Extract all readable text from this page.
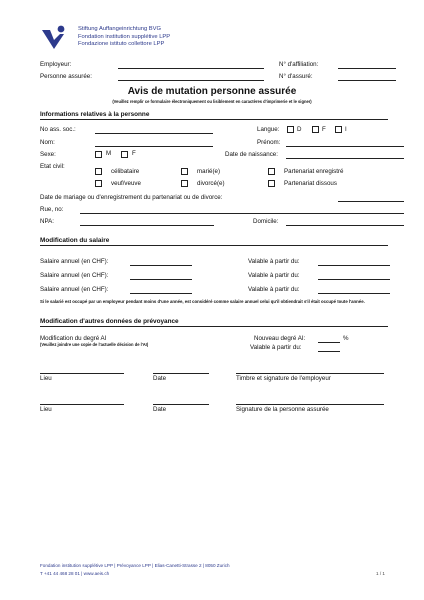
Stiftung Auffangeinrichtung BVG
Fondation institution supplétive LPP
Fondazione istituto collettore LPP
Employeur:	N° d'affiliation:
Personne assurée:	N° d'assuré:
Avis de mutation personne assurée
(Veuillez remplir ce formulaire électroniquement ou lisiblement en caractères d'imprimerie et le signer)
Informations relatives à la personne
No ass. soc.:	Langue:	D	F	I
Nom:	Prénom:
Sexe:	M	F	Date de naissance:
Etat civil:
célibataire	marié(e)	Partenariat enregistré
veuf/veuve	divorcé(e)	Partenariat dissous
Date de mariage ou d'enregistrement du partenariat ou de divorce:
Rue, no:
NPA:	Domicile:
Modification du salaire
Salaire annuel (en CHF):	Valable à partir du:
Salaire annuel (en CHF):	Valable à partir du:
Salaire annuel (en CHF):	Valable à partir du:
Si le salarié est occupé par un employeur pendant moins d'une année, est considéré comme salaire annuel celui qu'il obtiendrait s'il était occupé toute l'année.
Modification d'autres données de prévoyance
Modification du degré AI
(Veuillez joindre une copie de l'actuelle décision de l'AI)
Nouveau degré AI:	%
Valable à partir du:
Lieu	Date	Timbre et signature de l'employeur
Lieu	Date	Signature de la personne assurée
Fondation institution supplétive LPP | Prévoyance LPP | Elias-Canetti-Strasse 2 | 8050 Zurich
T +41 44 468 28 01 | www.aeis.ch	1 / 1
